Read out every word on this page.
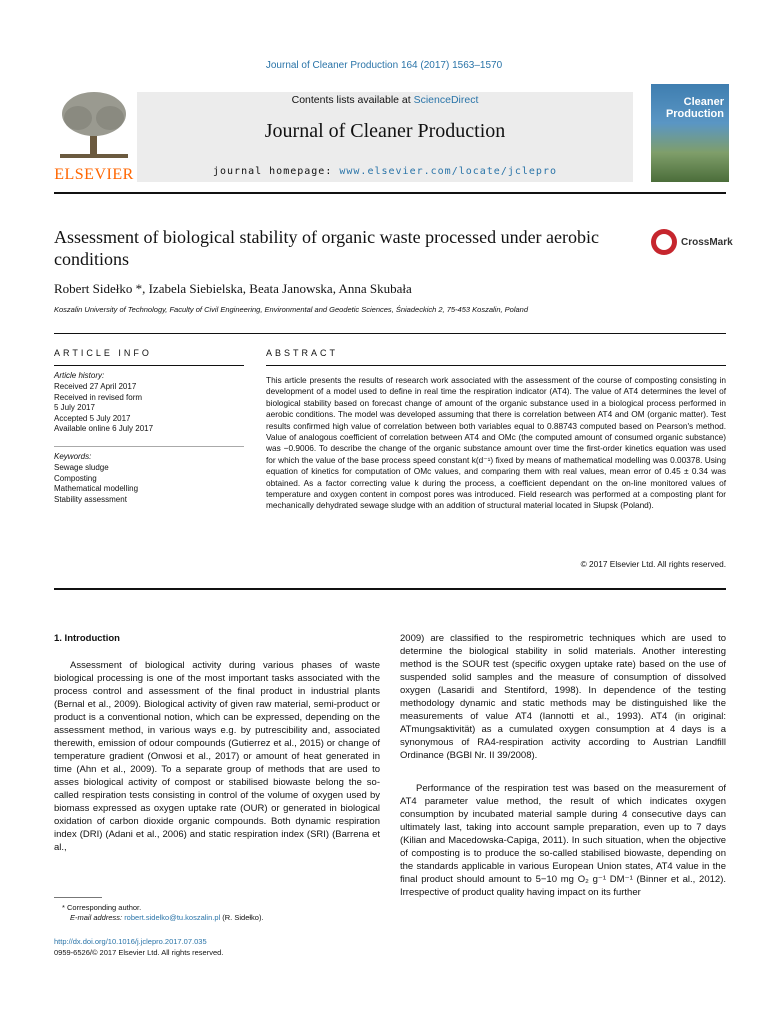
Journal of Cleaner Production 164 (2017) 1563–1570
ELSEVIER
Contents lists available at ScienceDirect
Journal of Cleaner Production
journal homepage: www.elsevier.com/locate/jclepro
Cleaner Production
Assessment of biological stability of organic waste processed under aerobic conditions
CrossMark
Robert Sidełko *, Izabela Siebielska, Beata Janowska, Anna Skubała
Koszalin University of Technology, Faculty of Civil Engineering, Environmental and Geodetic Sciences, Śniadeckich 2, 75-453 Koszalin, Poland
ARTICLE INFO
Article history:
Received 27 April 2017
Received in revised form
5 July 2017
Accepted 5 July 2017
Available online 6 July 2017
Keywords:
Sewage sludge
Composting
Mathematical modelling
Stability assessment
ABSTRACT
This article presents the results of research work associated with the assessment of the course of composting consisting in development of a model used to define in real time the respiration indicator (AT4). The value of AT4 determines the level of biological stability based on forecast change of amount of the organic substance used in a biological process performed in aerobic conditions. The model was developed assuming that there is correlation between AT4 and OM (organic matter). Test results confirmed high value of correlation between both variables equal to 0.88743 computed based on Pearson's method. Value of analogous coefficient of correlation between AT4 and OMc (the computed amount of consumed organic substance) was −0.9006. To describe the change of the organic substance amount over time the first-order kinetics equation was used for which the value of the base process speed constant k(d⁻¹) fixed by means of mathematical modelling was 0.00378. Using equation of kinetics for computation of OMc values, and comparing them with real values, mean error of 0.45 ± 0.34 was obtained. As a factor correcting value k during the process, a coefficient dependant on the on-line monitored values of temperature and oxygen content in compost pores was introduced. Field research was performed at a composting plant for mechanically dehydrated sewage sludge with an addition of structural material located in Słupsk (Poland).
© 2017 Elsevier Ltd. All rights reserved.
1. Introduction
Assessment of biological activity during various phases of waste biological processing is one of the most important tasks associated with the process control and assessment of the final product in industrial plants (Bernal et al., 2009). Biological activity of given raw material, semi-product or product is a conventional notion, which can be expressed, depending on the assessment method, in various ways e.g. by putrescibility and, associated therewith, emission of odour compounds (Gutierrez et al., 2015) or change of temperature gradient (Onwosi et al., 2017) or amount of heat generated in time (Ahn et al., 2009). To a separate group of methods that are used to asses biological activity of compost or stabilised biowaste belong the so-called respiration tests consisting in control of the volume of oxygen used by biomass expressed as oxygen uptake rate (OUR) or generated in biological oxidation of carbon dioxide organic compounds. Both dynamic respiration index (DRI) (Adani et al., 2006) and static respiration index (SRI) (Barrena et al.,
2009) are classified to the respirometric techniques which are used to determine the biological stability in solid materials. Another interesting method is the SOUR test (specific oxygen uptake rate) based on the use of suspended solid samples and the measure of consumption of dissolved oxygen (Lasaridi and Stentiford, 1998). In dependence of the testing methodology dynamic and static methods may be distinguished like the measurements of value AT4 (Iannotti et al., 1993). AT4 (in original: ATmungsaktivität) as a cumulated oxygen consumption at 4 days is a synonymous of RA4-respiration activity according to Austrian Landfill Ordinance (BGBl Nr. II 39/2008).
Performance of the respiration test was based on the measurement of AT4 parameter value method, the result of which indicates oxygen consumption by incubated material sample during 4 consecutive days can ultimately last, taking into account sample preparation, even up to 7 days (Kilian and Macedowska-Capiga, 2011). In such situation, when the objective of composting is to produce the so-called stabilised biowaste, depending on the standards applicable in various European Union states, AT4 value in the final product should amount to 5−10 mg O₂ g⁻¹ DM⁻¹ (Binner et al., 2012). Irrespective of product quality having impact on its further
* Corresponding author.
E-mail address: robert.sidelko@tu.koszalin.pl (R. Sidełko).
http://dx.doi.org/10.1016/j.jclepro.2017.07.035
0959-6526/© 2017 Elsevier Ltd. All rights reserved.
